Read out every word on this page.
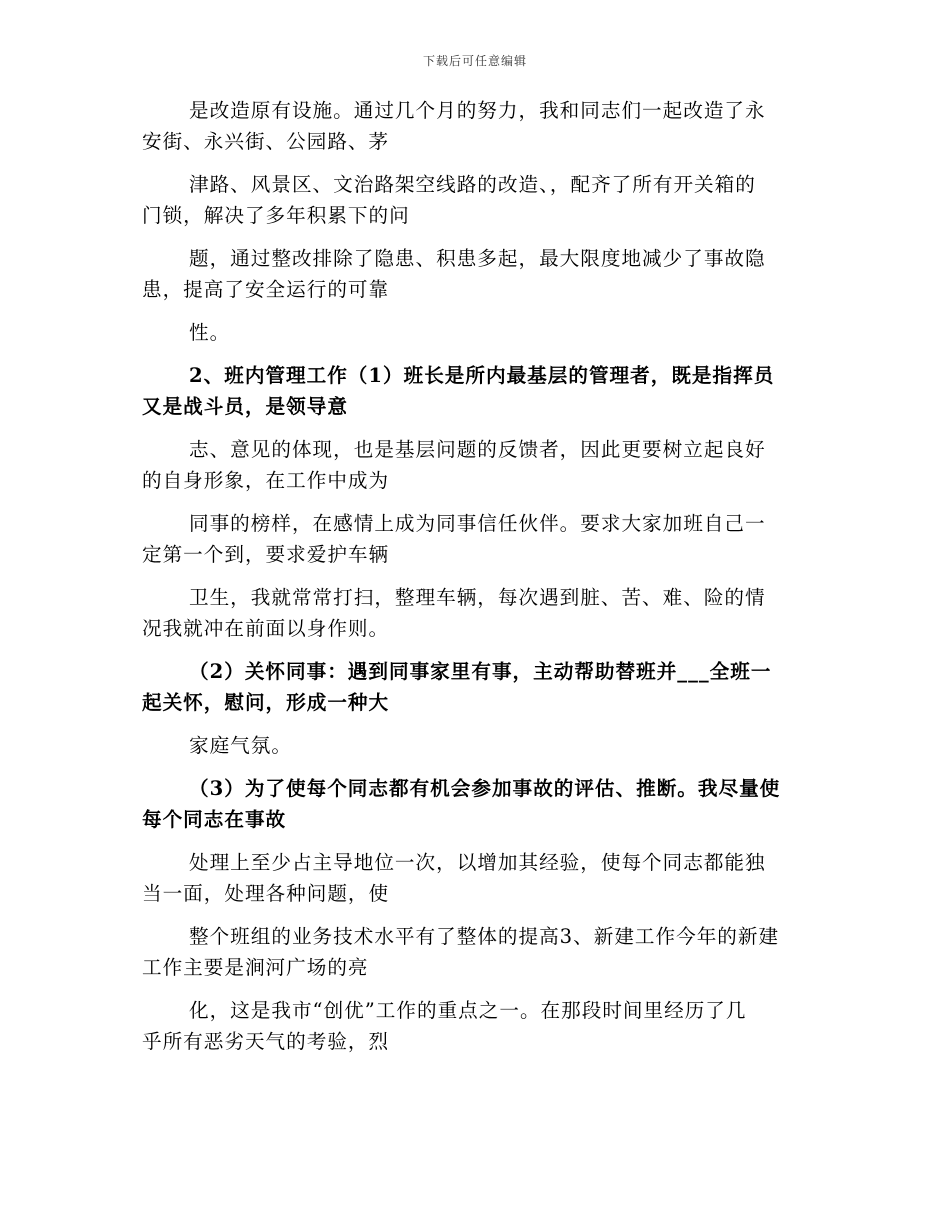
下载后可任意编辑
是改造原有设施。通过几个月的努力，我和同志们一起改造了永
安街、永兴街、公园路、茅
津路、风景区、文治路架空线路的改造、，配齐了所有开关箱的
门锁，解决了多年积累下的问
题，通过整改排除了隐患、积患多起，最大限度地减少了事故隐
患，提高了安全运行的可靠
性。
2、班内管理工作（1）班长是所内最基层的管理者，既是指挥员
又是战斗员，是领导意
志、意见的体现，也是基层问题的反馈者，因此更要树立起良好
的自身形象，在工作中成为
同事的榜样，在感情上成为同事信任伙伴。要求大家加班自己一
定第一个到，要求爱护车辆
卫生，我就常常打扫，整理车辆，每次遇到脏、苦、难、险的情
况我就冲在前面以身作则。
（2）关怀同事：遇到同事家里有事，主动帮助替班并___全班一
起关怀，慰问，形成一种大
家庭气氛。
（3）为了使每个同志都有机会参加事故的评估、推断。我尽量使
每个同志在事故
处理上至少占主导地位一次，以增加其经验，使每个同志都能独
当一面，处理各种问题，使
整个班组的业务技术水平有了整体的提高3、新建工作今年的新建
工作主要是涧河广场的亮
化，这是我市“创优”工作的重点之一。在那段时间里经历了几
乎所有恶劣天气的考验，烈
